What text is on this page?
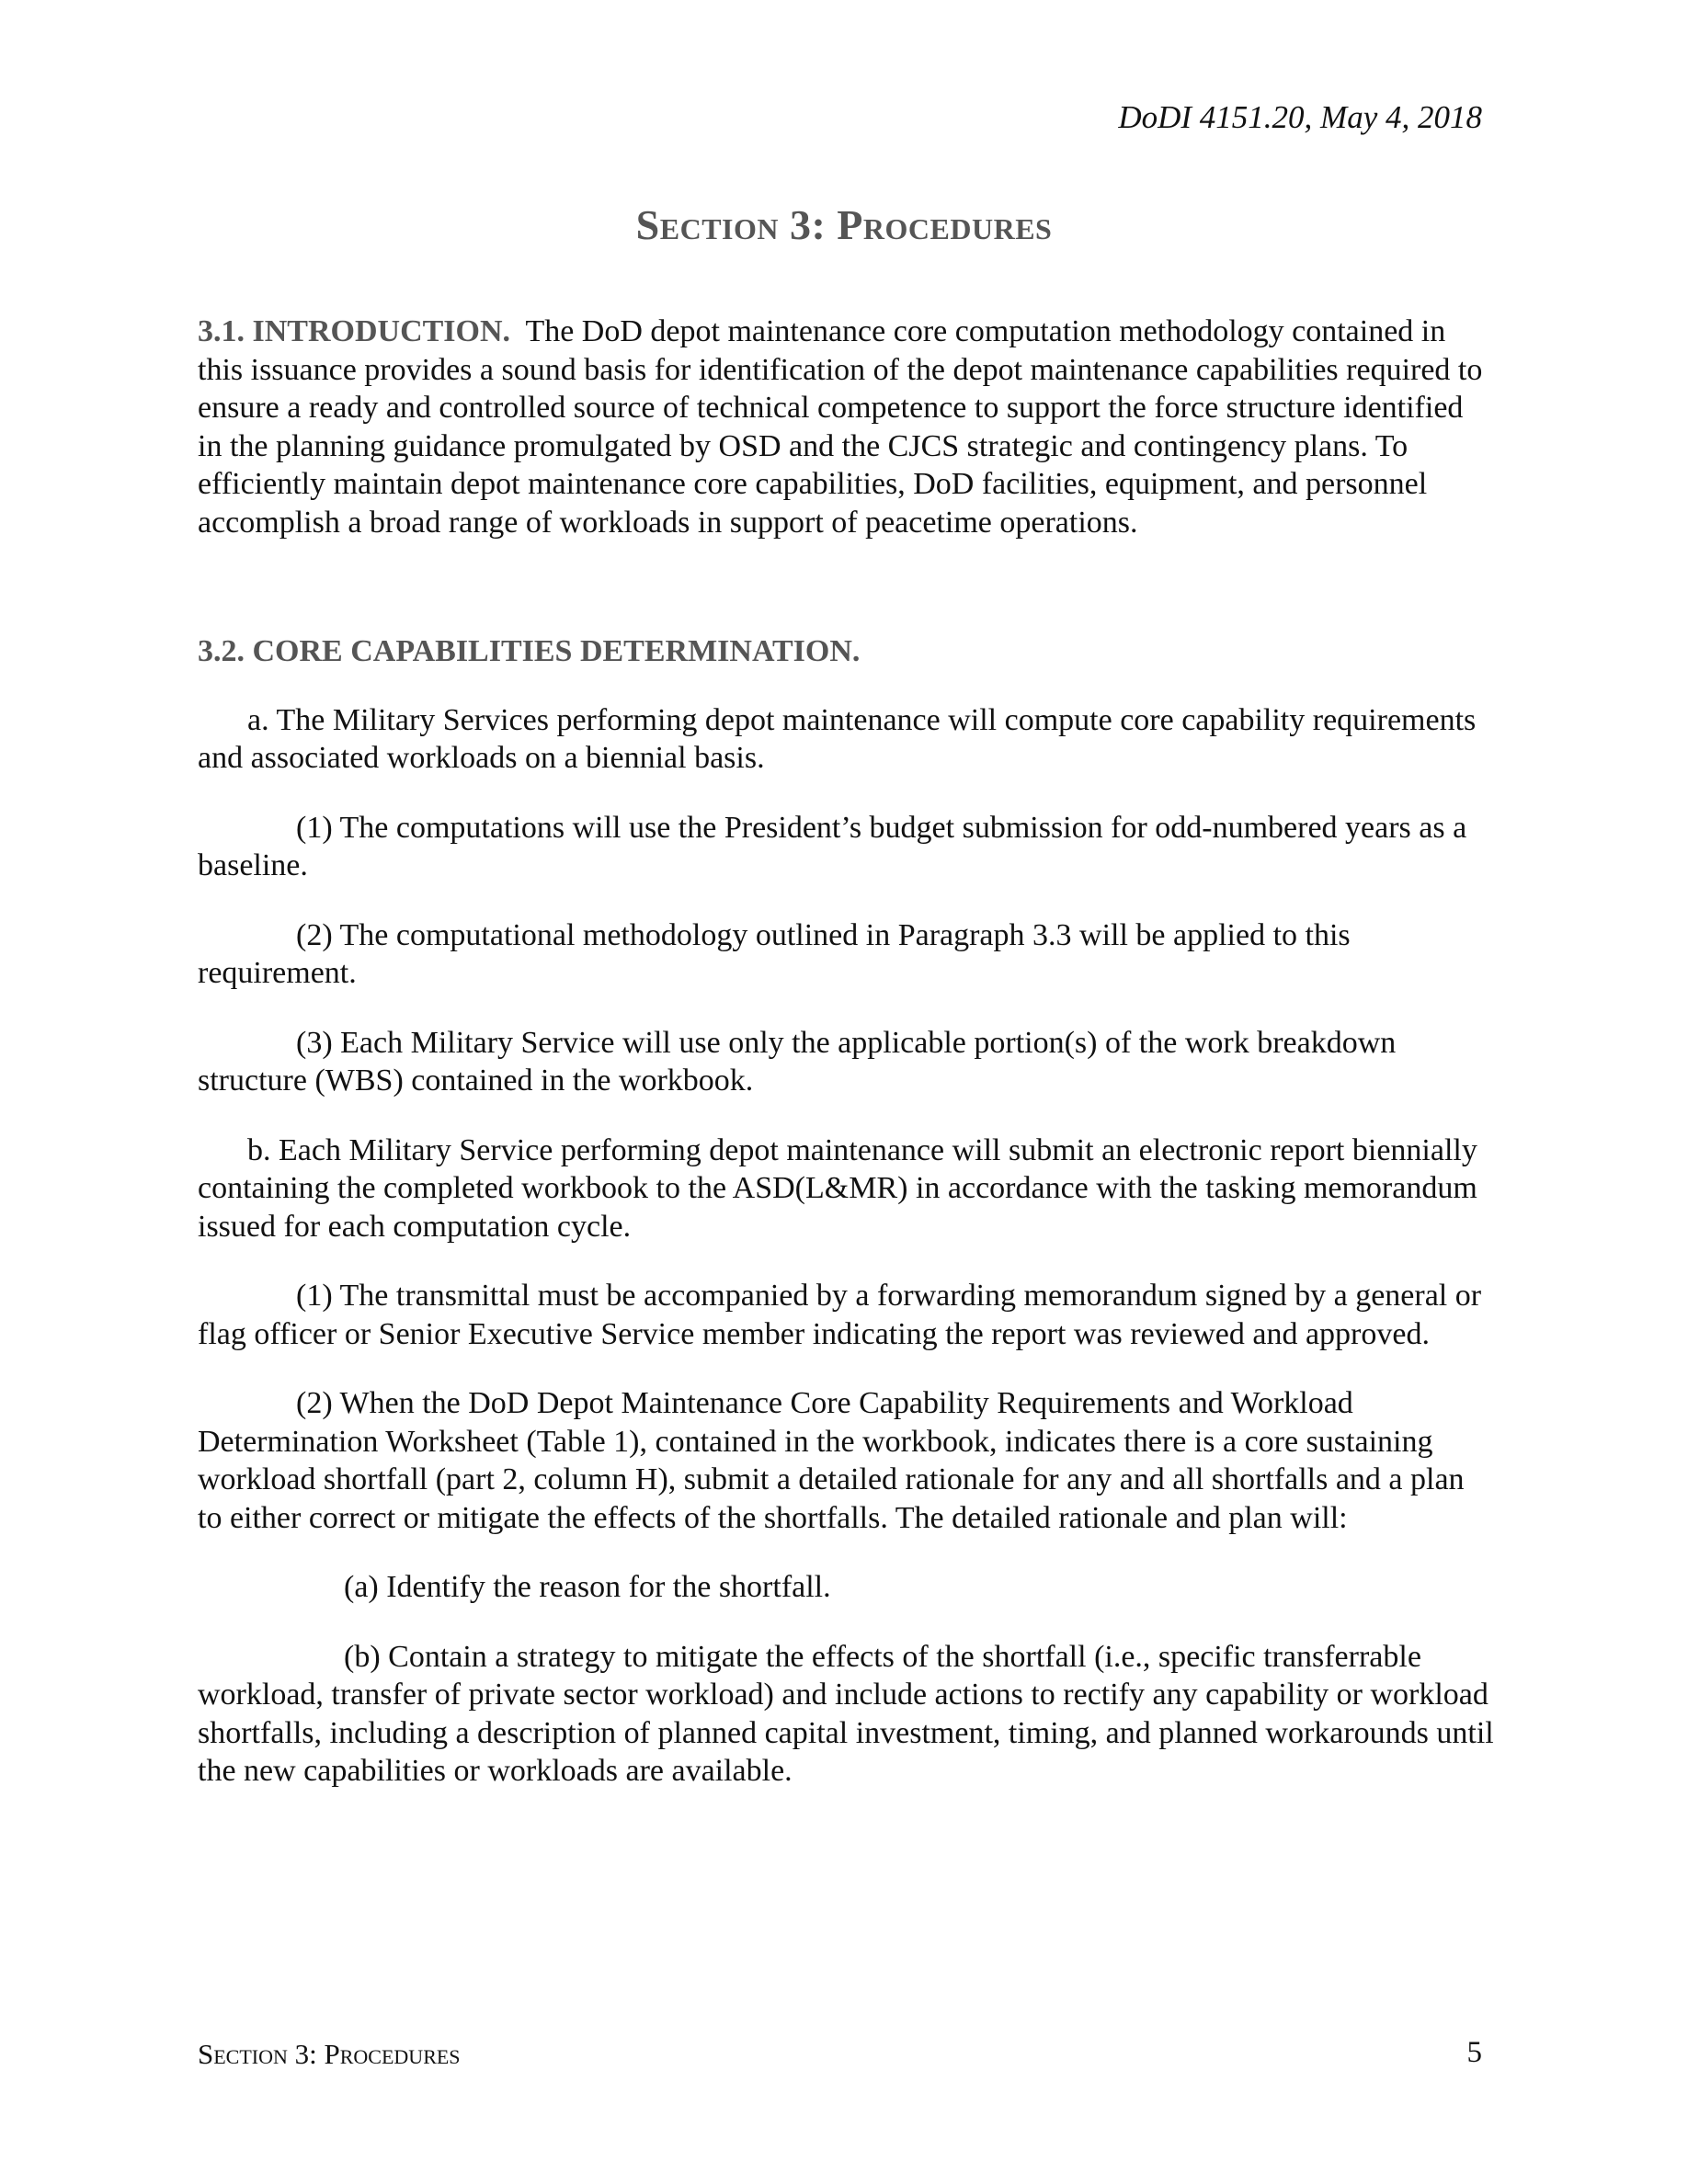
DoDI 4151.20, May 4, 2018
Section 3: Procedures

3.1. INTRODUCTION. The DoD depot maintenance core computation methodology contained in this issuance provides a sound basis for identification of the depot maintenance capabilities required to ensure a ready and controlled source of technical competence to support the force structure identified in the planning guidance promulgated by OSD and the CJCS strategic and contingency plans. To efficiently maintain depot maintenance core capabilities, DoD facilities, equipment, and personnel accomplish a broad range of workloads in support of peacetime operations.

3.2. CORE CAPABILITIES DETERMINATION.

a. The Military Services performing depot maintenance will compute core capability requirements and associated workloads on a biennial basis.

(1) The computations will use the President’s budget submission for odd-numbered years as a baseline.

(2) The computational methodology outlined in Paragraph 3.3 will be applied to this requirement.

(3) Each Military Service will use only the applicable portion(s) of the work breakdown structure (WBS) contained in the workbook.

b. Each Military Service performing depot maintenance will submit an electronic report biennially containing the completed workbook to the ASD(L&MR) in accordance with the tasking memorandum issued for each computation cycle.

(1) The transmittal must be accompanied by a forwarding memorandum signed by a general or flag officer or Senior Executive Service member indicating the report was reviewed and approved.

(2) When the DoD Depot Maintenance Core Capability Requirements and Workload Determination Worksheet (Table 1), contained in the workbook, indicates there is a core sustaining workload shortfall (part 2, column H), submit a detailed rationale for any and all shortfalls and a plan to either correct or mitigate the effects of the shortfalls. The detailed rationale and plan will:

(a) Identify the reason for the shortfall.

(b) Contain a strategy to mitigate the effects of the shortfall (i.e., specific transferrable workload, transfer of private sector workload) and include actions to rectify any capability or workload shortfalls, including a description of planned capital investment, timing, and planned workarounds until the new capabilities or workloads are available.

Section 3: Procedures	5
